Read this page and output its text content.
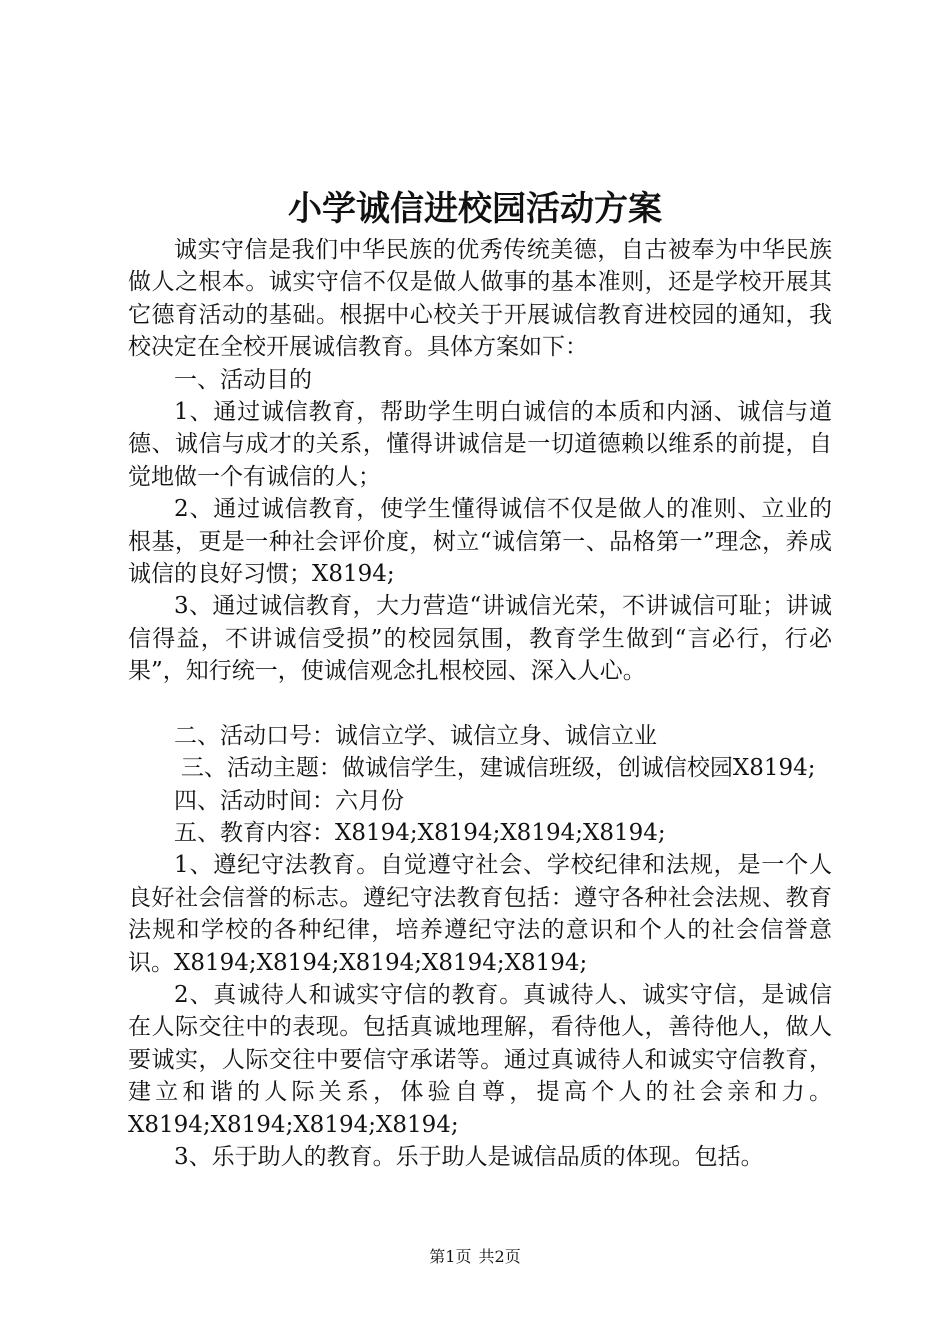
小学诚信进校园活动方案

诚实守信是我们中华民族的优秀传统美德，自古被奉为中华民族做人之根本。诚实守信不仅是做人做事的基本准则，还是学校开展其它德育活动的基础。根据中心校关于开展诚信教育进校园的通知，我校决定在全校开展诚信教育。具体方案如下：

一、活动目的

1、通过诚信教育，帮助学生明白诚信的本质和内涵、诚信与道德、诚信与成才的关系，懂得讲诚信是一切道德赖以维系的前提，自觉地做一个有诚信的人；

2、通过诚信教育，使学生懂得诚信不仅是做人的准则、立业的根基，更是一种社会评价度，树立“诚信第一、品格第一”理念，养成诚信的良好习惯；X8194;

3、通过诚信教育，大力营造“讲诚信光荣，不讲诚信可耻；讲诚信得益，不讲诚信受损”的校园氛围，教育学生做到“言必行，行必果”，知行统一，使诚信观念扎根校园、深入人心。

二、活动口号：诚信立学、诚信立身、诚信立业

三、活动主题：做诚信学生，建诚信班级，创诚信校园X8194;

四、活动时间：六月份

五、教育内容：X8194;X8194;X8194;X8194;

1、遵纪守法教育。自觉遵守社会、学校纪律和法规，是一个人良好社会信誉的标志。遵纪守法教育包括：遵守各种社会法规、教育法规和学校的各种纪律，培养遵纪守法的意识和个人的社会信誉意识。X8194;X8194;X8194;X8194;X8194;

2、真诚待人和诚实守信的教育。真诚待人、诚实守信，是诚信在人际交往中的表现。包括真诚地理解，看待他人，善待他人，做人要诚实，人际交往中要信守承诺等。通过真诚待人和诚实守信教育，建立和谐的人际关系，体验自尊，提高个人的社会亲和力。X8194;X8194;X8194;X8194;

3、乐于助人的教育。乐于助人是诚信品质的体现。包括。

第1页 共2页
